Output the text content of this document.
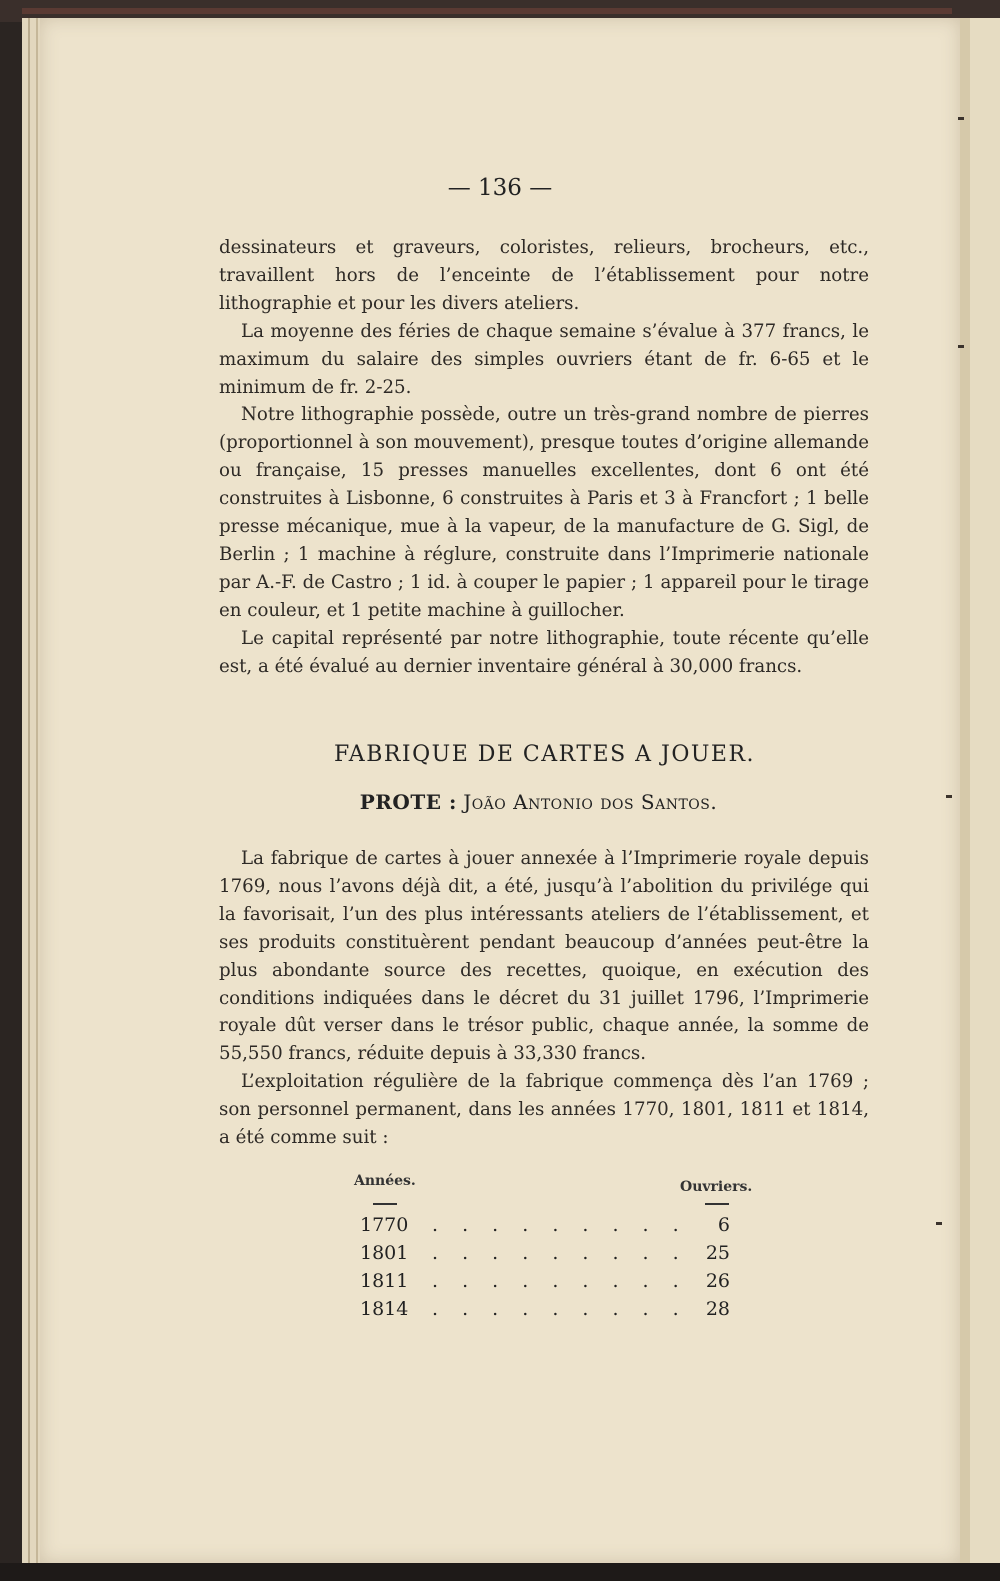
— 136 —

dessinateurs et graveurs, coloristes, relieurs, brocheurs, etc., travaillent hors de l’enceinte de l’établissement pour notre lithographie et pour les divers ateliers.

La moyenne des féries de chaque semaine s’évalue à 377 francs, le maximum du salaire des simples ouvriers étant de fr. 6-65 et le minimum de fr. 2-25.

Notre lithographie possède, outre un très-grand nombre de pierres (proportionnel à son mouvement), presque toutes d’origine allemande ou française, 15 presses manuelles excellentes, dont 6 ont été construites à Lisbonne, 6 construites à Paris et 3 à Francfort ; 1 belle presse mécanique, mue à la vapeur, de la manufacture de G. Sigl, de Berlin ; 1 machine à réglure, construite dans l’Imprimerie nationale par A.-F. de Castro ; 1 id. à couper le papier ; 1 appareil pour le tirage en couleur, et 1 petite machine à guillocher.

Le capital représenté par notre lithographie, toute récente qu’elle est, a été évalué au dernier inventaire général à 30,000 francs.

FABRIQUE DE CARTES A JOUER.
PROTE : João Antonio dos Santos.

La fabrique de cartes à jouer annexée à l’Imprimerie royale depuis 1769, nous l’avons déjà dit, a été, jusqu’à l’abolition du privilége qui la favorisait, l’un des plus intéressants ateliers de l’établissement, et ses produits constituèrent pendant beaucoup d’années peut-être la plus abondante source des recettes, quoique, en exécution des conditions indiquées dans le décret du 31 juillet 1796, l’Imprimerie royale dût verser dans le trésor public, chaque année, la somme de 55,550 francs, réduite depuis à 33,330 francs.

L’exploitation régulière de la fabrique commença dès l’an 1769 ; son personnel permanent, dans les années 1770, 1801, 1811 et 1814, a été comme suit :

Années.	Ouvriers.
1770 . . . . . . . . . 6
1801 . . . . . . . . . 25
1811 . . . . . . . . . 26
1814 . . . . . . . . . 28
